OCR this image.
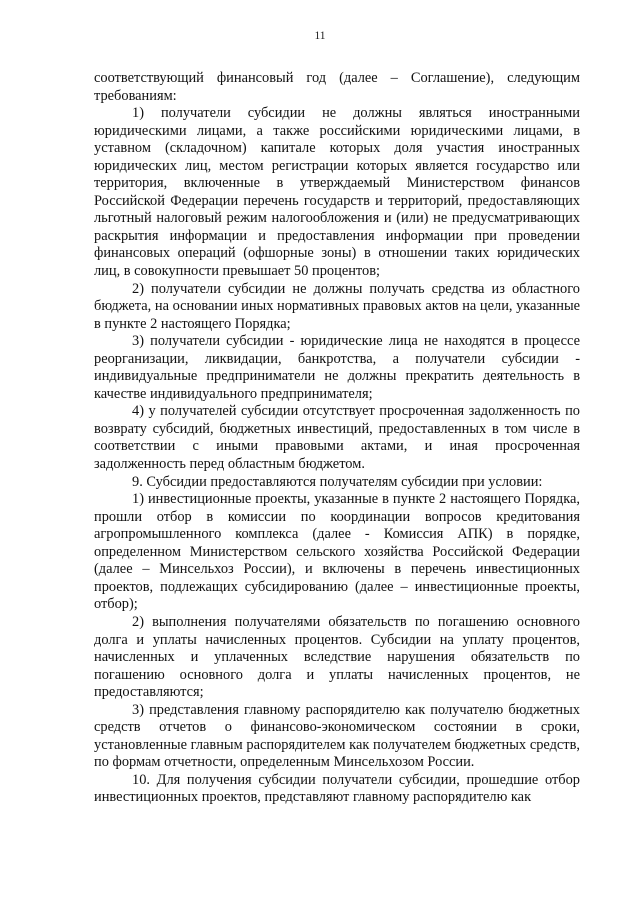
11

соответствующий финансовый год (далее – Соглашение), следующим требованиям:

1) получатели субсидии не должны являться иностранными юридическими лицами, а также российскими юридическими лицами, в уставном (складочном) капитале которых доля участия иностранных юридических лиц, местом регистрации которых является государство или территория, включенные в утверждаемый Министерством финансов Российской Федерации перечень государств и территорий, предоставляющих льготный налоговый режим налогообложения и (или) не предусматривающих раскрытия информации и предоставления информации при проведении финансовых операций (офшорные зоны) в отношении таких юридических лиц, в совокупности превышает 50 процентов;

2) получатели субсидии не должны получать средства из областного бюджета, на основании иных нормативных правовых актов на цели, указанные в пункте 2 настоящего Порядка;

3) получатели субсидии - юридические лица не находятся в процессе реорганизации, ликвидации, банкротства, а получатели субсидии - индивидуальные предприниматели не должны прекратить деятельность в качестве индивидуального предпринимателя;

4) у получателей субсидии отсутствует просроченная задолженность по возврату субсидий, бюджетных инвестиций, предоставленных в том числе в соответствии с иными правовыми актами, и иная просроченная задолженность перед областным бюджетом.

9. Субсидии предоставляются получателям субсидии при условии:

1) инвестиционные проекты, указанные в пункте 2 настоящего Порядка, прошли отбор в комиссии по координации вопросов кредитования агропромышленного комплекса (далее - Комиссия АПК) в порядке, определенном Министерством сельского хозяйства Российской Федерации (далее – Минсельхоз России), и включены в перечень инвестиционных проектов, подлежащих субсидированию (далее – инвестиционные проекты, отбор);

2) выполнения получателями обязательств по погашению основного долга и уплаты начисленных процентов. Субсидии на уплату процентов, начисленных и уплаченных вследствие нарушения обязательств по погашению основного долга и уплаты начисленных процентов, не предоставляются;

3) представления главному распорядителю как получателю бюджетных средств отчетов о финансово-экономическом состоянии в сроки, установленные главным распорядителем как получателем бюджетных средств, по формам отчетности, определенным Минсельхозом России.

10. Для получения субсидии получатели субсидии, прошедшие отбор инвестиционных проектов, представляют главному распорядителю как
